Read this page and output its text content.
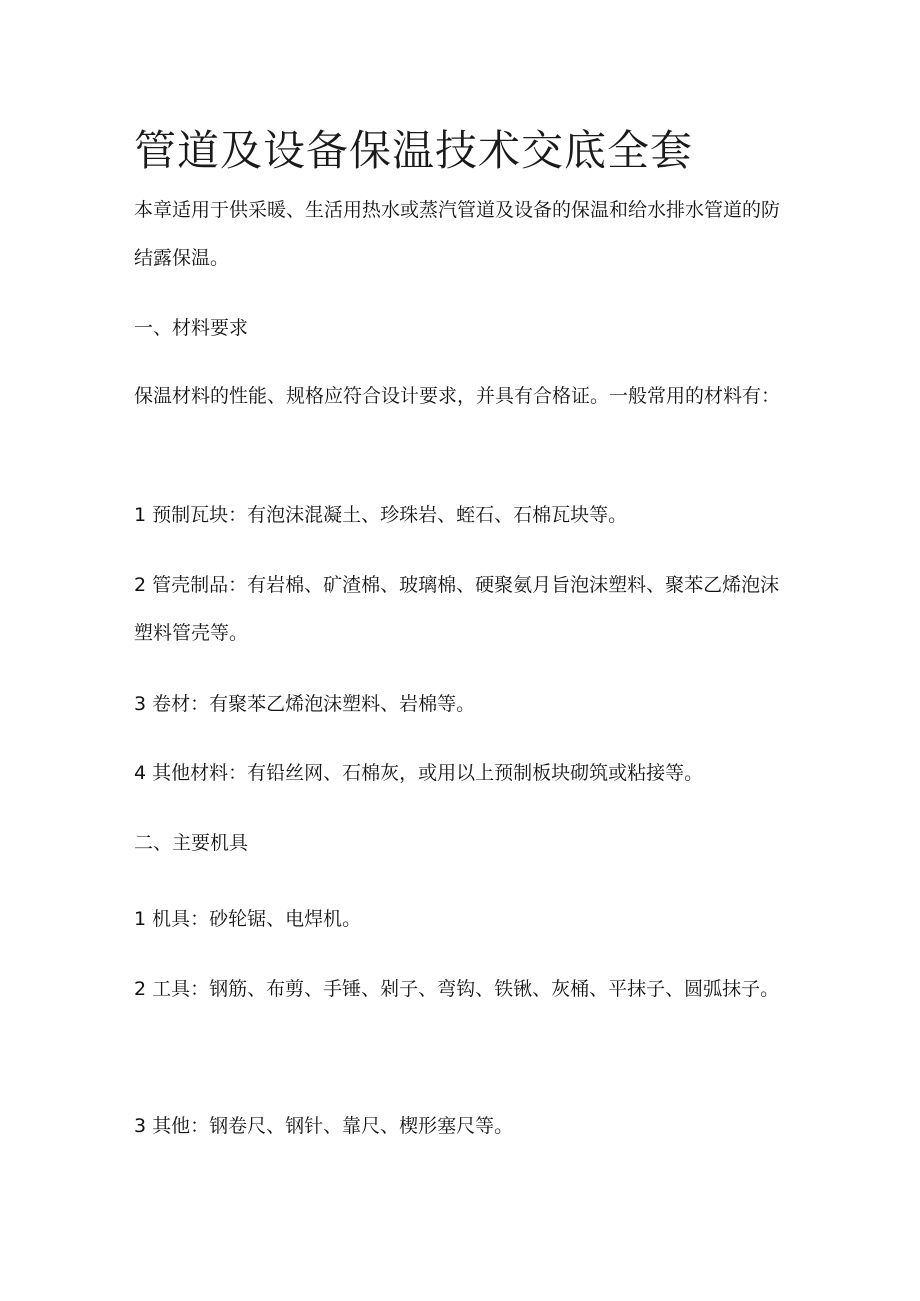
管道及设备保温技术交底全套

本章适用于供采暖、生活用热水或蒸汽管道及设备的保温和给水排水管道的防结露保温。

一、材料要求

保温材料的性能、规格应符合设计要求，并具有合格证。一般常用的材料有：

1 预制瓦块：有泡沫混凝土、珍珠岩、蛭石、石棉瓦块等。

2 管壳制品：有岩棉、矿渣棉、玻璃棉、硬聚氨月旨泡沫塑料、聚苯乙烯泡沫塑料管壳等。

3 卷材：有聚苯乙烯泡沫塑料、岩棉等。

4 其他材料：有铅丝网、石棉灰，或用以上预制板块砌筑或粘接等。

二、主要机具

1 机具：砂轮锯、电焊机。

2 工具：钢筋、布剪、手锤、剁子、弯钩、铁锹、灰桶、平抹子、圆弧抹子。

3 其他：钢卷尺、钢针、靠尺、楔形塞尺等。
